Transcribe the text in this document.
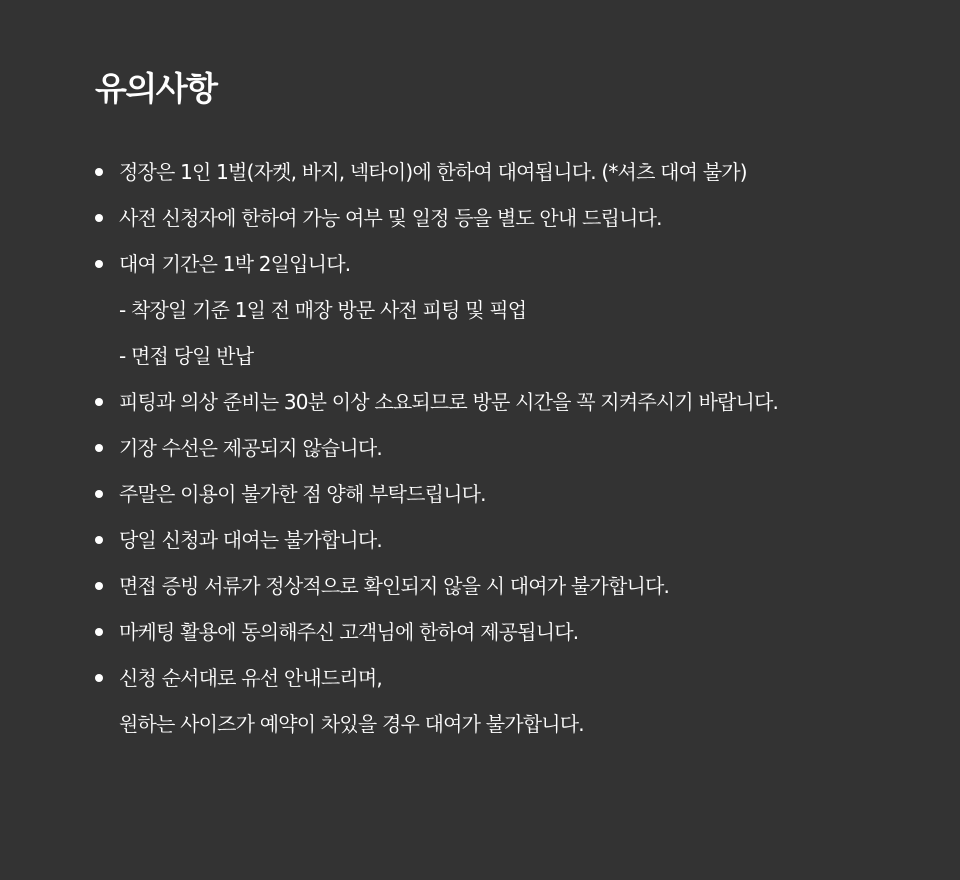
유의사항
정장은 1인 1벌(자켓, 바지, 넥타이)에 한하여 대여됩니다. (*셔츠 대여 불가)
사전 신청자에 한하여 가능 여부 및 일정 등을 별도 안내 드립니다.
대여 기간은 1박 2일입니다.
- 착장일 기준 1일 전 매장 방문 사전 피팅 및 픽업
- 면접 당일 반납
피팅과 의상 준비는 30분 이상 소요되므로 방문 시간을 꼭 지켜주시기 바랍니다.
기장 수선은 제공되지 않습니다.
주말은 이용이 불가한 점 양해 부탁드립니다.
당일 신청과 대여는 불가합니다.
면접 증빙 서류가 정상적으로 확인되지 않을 시 대여가 불가합니다.
마케팅 활용에 동의해주신 고객님에 한하여 제공됩니다.
신청 순서대로 유선 안내드리며,
원하는 사이즈가 예약이 차있을 경우 대여가 불가합니다.
